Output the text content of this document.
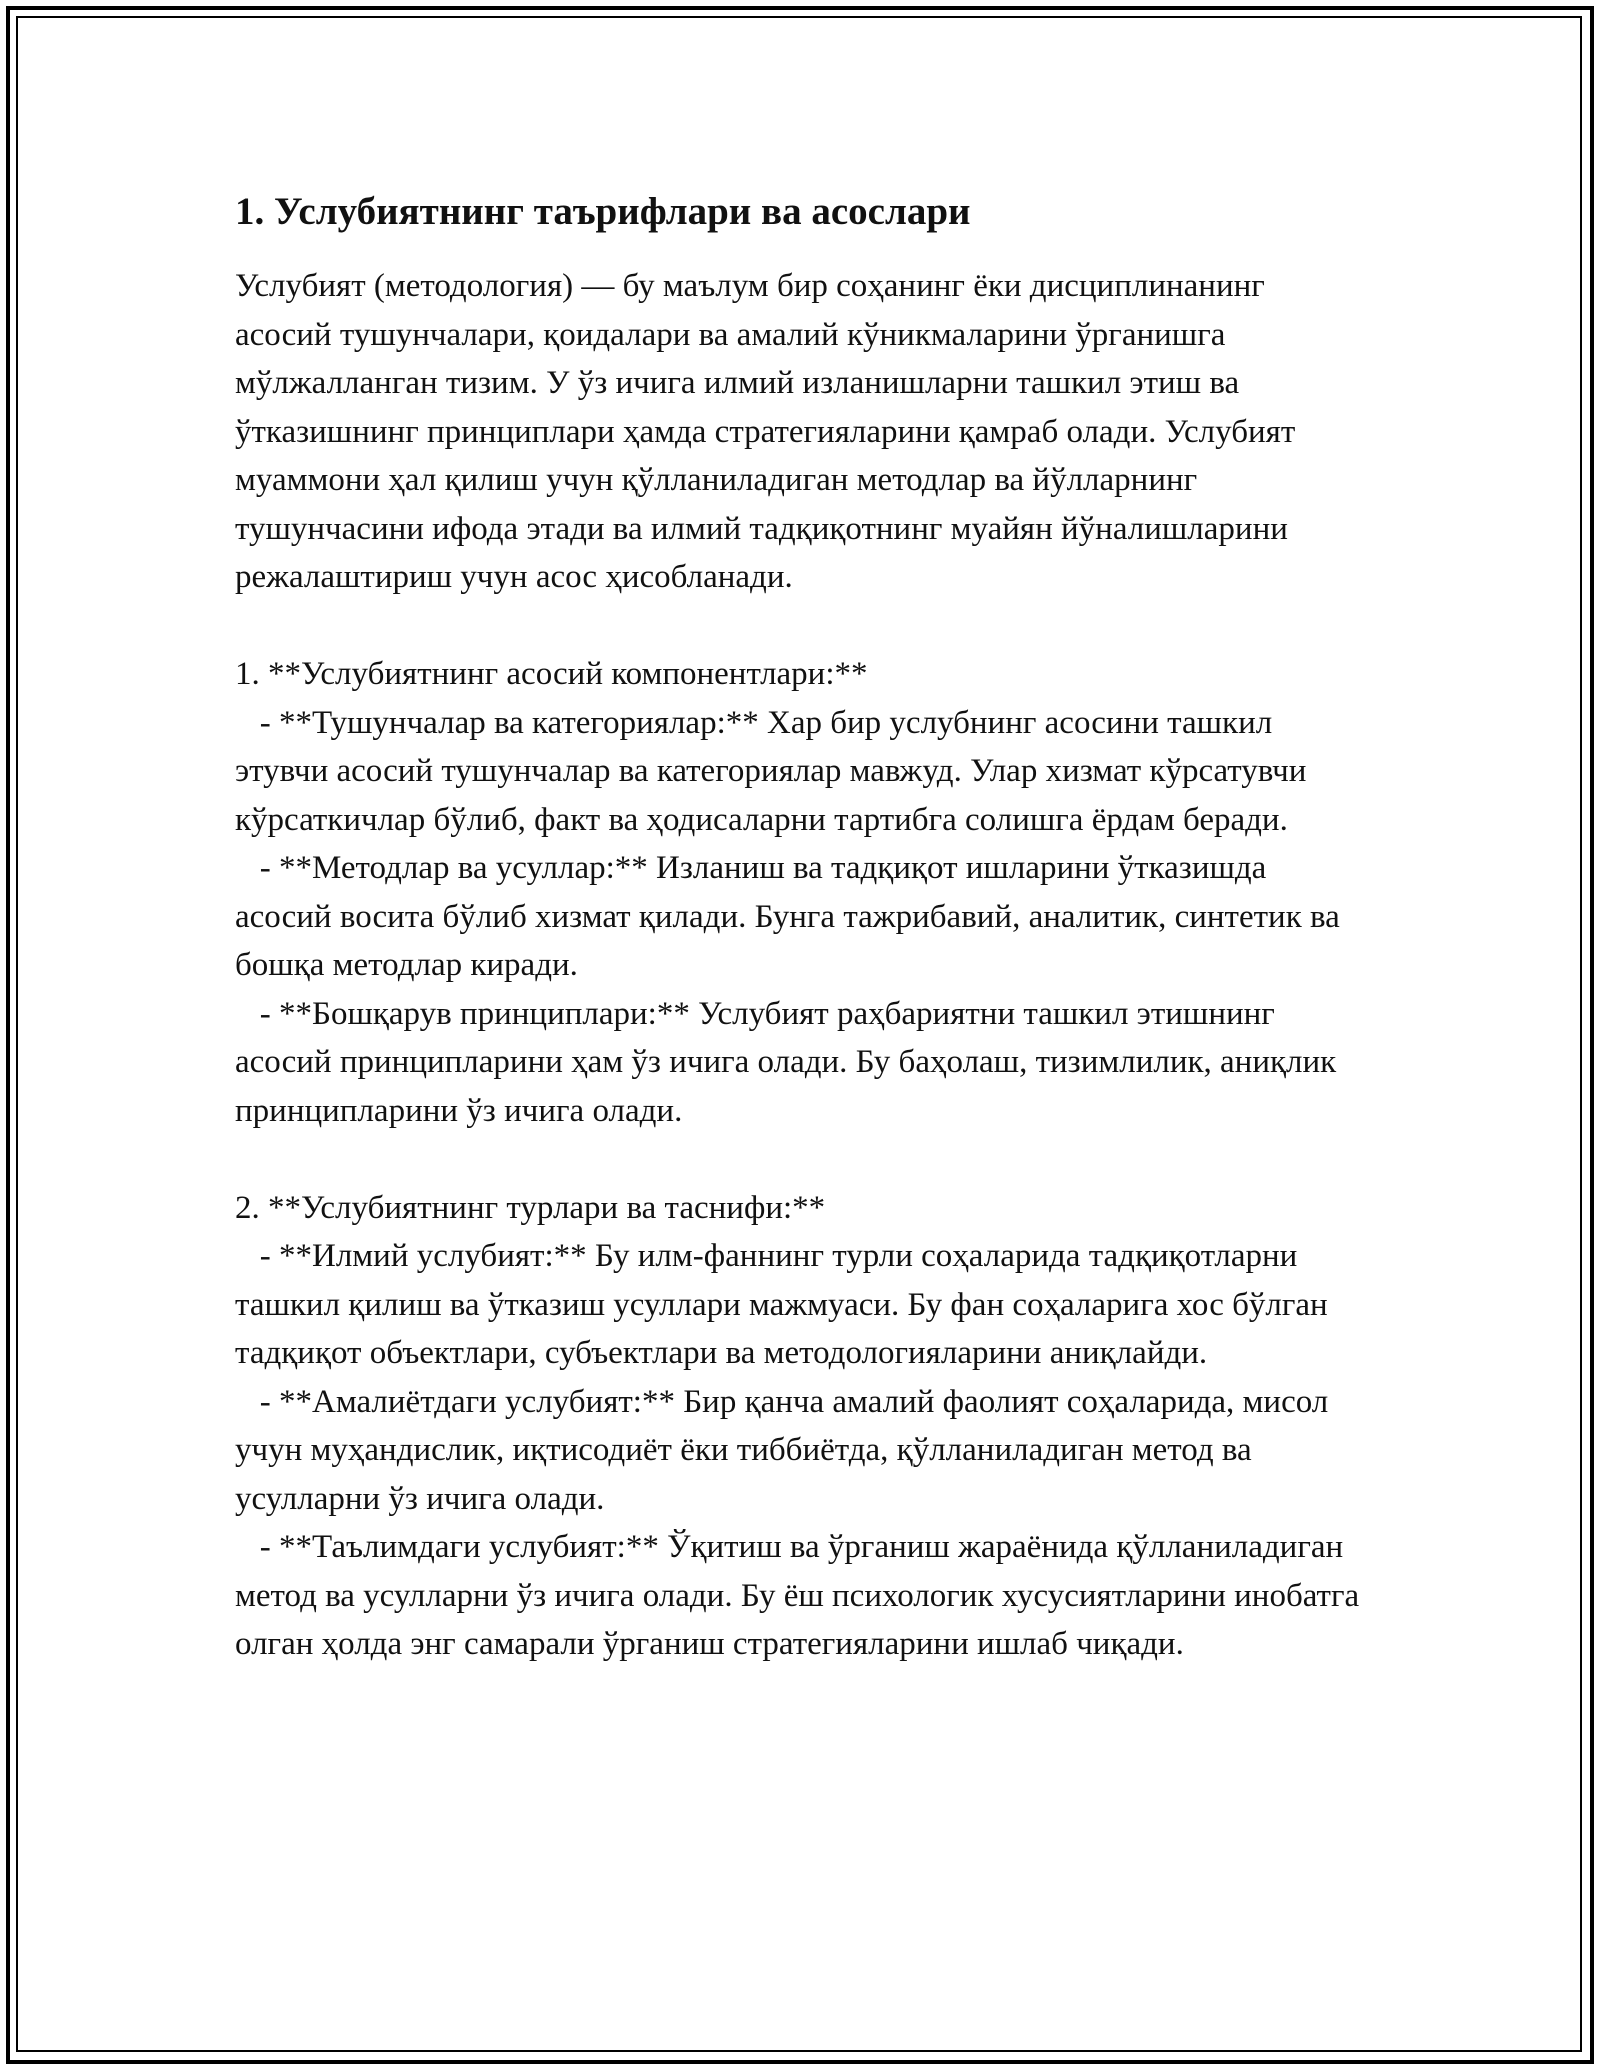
1. Услубиятнинг таърифлари ва асослари

Услубият (методология) — бу маълум бир соҳанинг ёки дисциплинанинг асосий тушунчалари, қоидалари ва амалий кўникмаларини ўрганишга мўлжалланган тизим. У ўз ичига илмий изланишларни ташкил этиш ва ўтказишнинг принциплари ҳамда стратегияларини қамраб олади. Услубият муаммони ҳал қилиш учун қўлланиладиган методлар ва йўлларнинг тушунчасини ифода этади ва илмий тадқиқотнинг муайян йўналишларини режалаштириш учун асос ҳисобланади.

1. **Услубиятнинг асосий компонентлари:**

- **Тушунчалар ва категориялар:** Хар бир услубнинг асосини ташкил этувчи асосий тушунчалар ва категориялар мавжуд. Улар хизмат кўрсатувчи кўрсаткичлар бўлиб, факт ва ҳодисаларни тартибга солишга ёрдам беради.

- **Методлар ва усуллар:** Изланиш ва тадқиқот ишларини ўтказишда асосий восита бўлиб хизмат қилади. Бунга тажрибавий, аналитик, синтетик ва бошқа методлар киради.

- **Бошқарув принциплари:** Услубият раҳбариятни ташкил этишнинг асосий принципларини ҳам ўз ичига олади. Бу баҳолаш, тизимлилик, аниқлик принципларини ўз ичига олади.

2. **Услубиятнинг турлари ва таснифи:**

- **Илмий услубият:** Бу илм-фаннинг турли соҳаларида тадқиқотларни ташкил қилиш ва ўтказиш усуллари мажмуаси. Бу фан соҳаларига хос бўлган тадқиқот объектлари, субъектлари ва методологияларини аниқлайди.

- **Амалиётдаги услубият:** Бир қанча амалий фаолият соҳаларида, мисол учун муҳандислик, иқтисодиёт ёки тиббиётда, қўлланиладиган метод ва усулларни ўз ичига олади.

- **Таълимдаги услубият:** Ўқитиш ва ўрганиш жараёнида қўлланиладиган метод ва усулларни ўз ичига олади. Бу ёш психологик хусусиятларини инобатга олган ҳолда энг самарали ўрганиш стратегияларини ишлаб чиқади.
